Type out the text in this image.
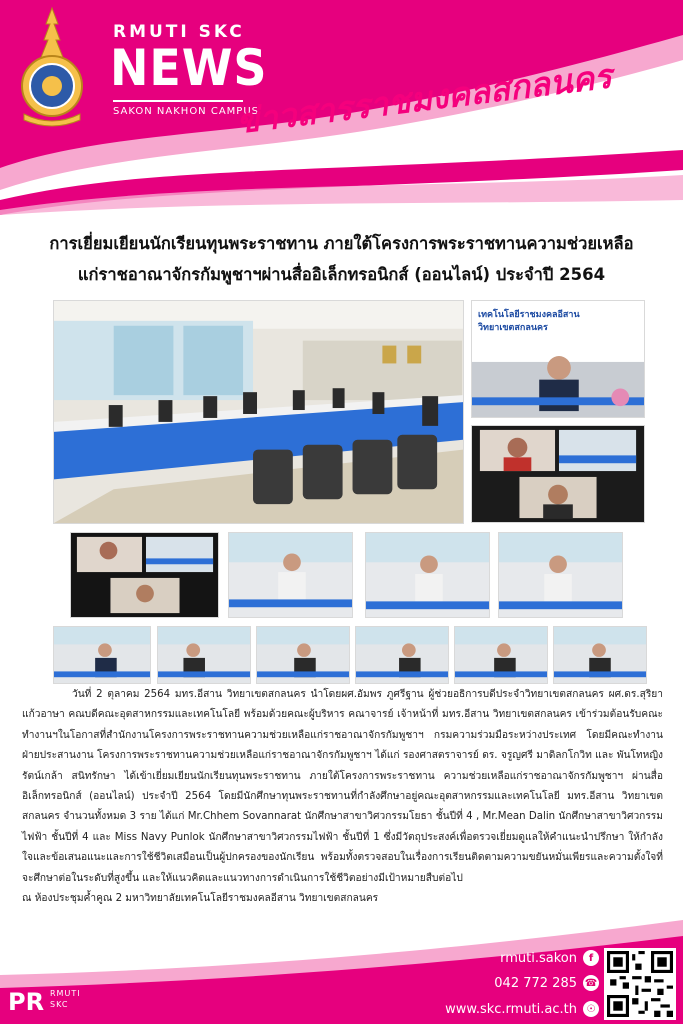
RMUTI SKC
NEWS
SAKON NAKHON CAMPUS
ข่าวสารราชมงคลสกลนคร
การเยี่ยมเยียนนักเรียนทุนพระราชทาน ภายใต้โครงการพระราชทานความช่วยเหลือ
แก่ราชอาณาจักรกัมพูชาฯผ่านสื่ออิเล็กทรอนิกส์ (ออนไลน์) ประจำปี 2564
เทคโนโลยีราชมงคลอีสาน
วิทยาเขตสกลนคร

วันที่ 2 ตุลาคม 2564 มทร.อีสาน วิทยาเขตสกลนคร นำโดยผศ.อัมพร ภูศรีฐาน ผู้ช่วยอธิการบดีประจำวิทยาเขตสกลนคร ผศ.ดร.สุริยา แก้วอาษา คณบดีคณะอุตสาหกรรมและเทคโนโลยี พร้อมด้วยคณะผู้บริหาร คณาจารย์ เจ้าหน้าที่ มทร.อีสาน วิทยาเขตสกลนคร เข้าร่วมต้อนรับคณะทำงานฯในโอกาสที่สำนักงานโครงการพระราชทานความช่วยเหลือแก่ราชอาณาจักรกัมพูชาฯ กรมความร่วมมือระหว่างประเทศ โดยมีคณะทำงานฝ่ายประสานงาน โครงการพระราชทานความช่วยเหลือแก่ราชอาณาจักรกัมพูชาฯ ได้แก่ รองศาสตราจารย์ ดร. จรูญศรี มาดิลกโกวิท และ พันโทหญิงรัตน์เกล้า สนิทรักษา ได้เข้าเยี่ยมเยียนนักเรียนทุนพระราชทาน ภายใต้โครงการพระราชทาน ความช่วยเหลือแก่ราชอาณาจักรกัมพูชาฯ ผ่านสื่ออิเล็กทรอนิกส์ (ออนไลน์) ประจำปี 2564 โดยมีนักศึกษาทุนพระราชทานที่กำลังศึกษาอยู่คณะอุตสาหกรรมและเทคโนโลยี มทร.อีสาน วิทยาเขตสกลนคร จำนวนทั้งหมด 3 ราย ได้แก่ Mr.Chhem Sovannarat นักศึกษาสาขาวิศวกรรมโยธา ชั้นปีที่ 4 , Mr.Mean Dalin นักศึกษาสาขาวิศวกรรมไฟฟ้า ชั้นปีที่ 4 และ Miss Navy Punlok นักศึกษาสาขาวิศวกรรมไฟฟ้า ชั้นปีที่ 1 ซึ่งมีวัตถุประสงค์เพื่อตรวจเยี่ยมดูแลให้คำแนะนำปรึกษา ให้กำลังใจและข้อเสนอแนะและการใช้ชีวิตเสมือนเป็นผู้ปกครองของนักเรียน พร้อมทั้งตรวจสอบในเรื่องการเรียนติดตามความขยันหมั่นเพียรและความตั้งใจที่จะศึกษาต่อในระดับที่สูงขึ้น และให้แนวคิดและแนวทางการดำเนินการใช้ชีวิตอย่างมีเป้าหมายสืบต่อไป

ณ ห้องประชุมค้ำคูณ 2 มหาวิทยาลัยเทคโนโลยีราชมงคลอีสาน วิทยาเขตสกลนคร

PR RMUTI
SKC
rmuti.sakon	f
042 772 285 ☎
www.skc.rmuti.ac.th ☉
